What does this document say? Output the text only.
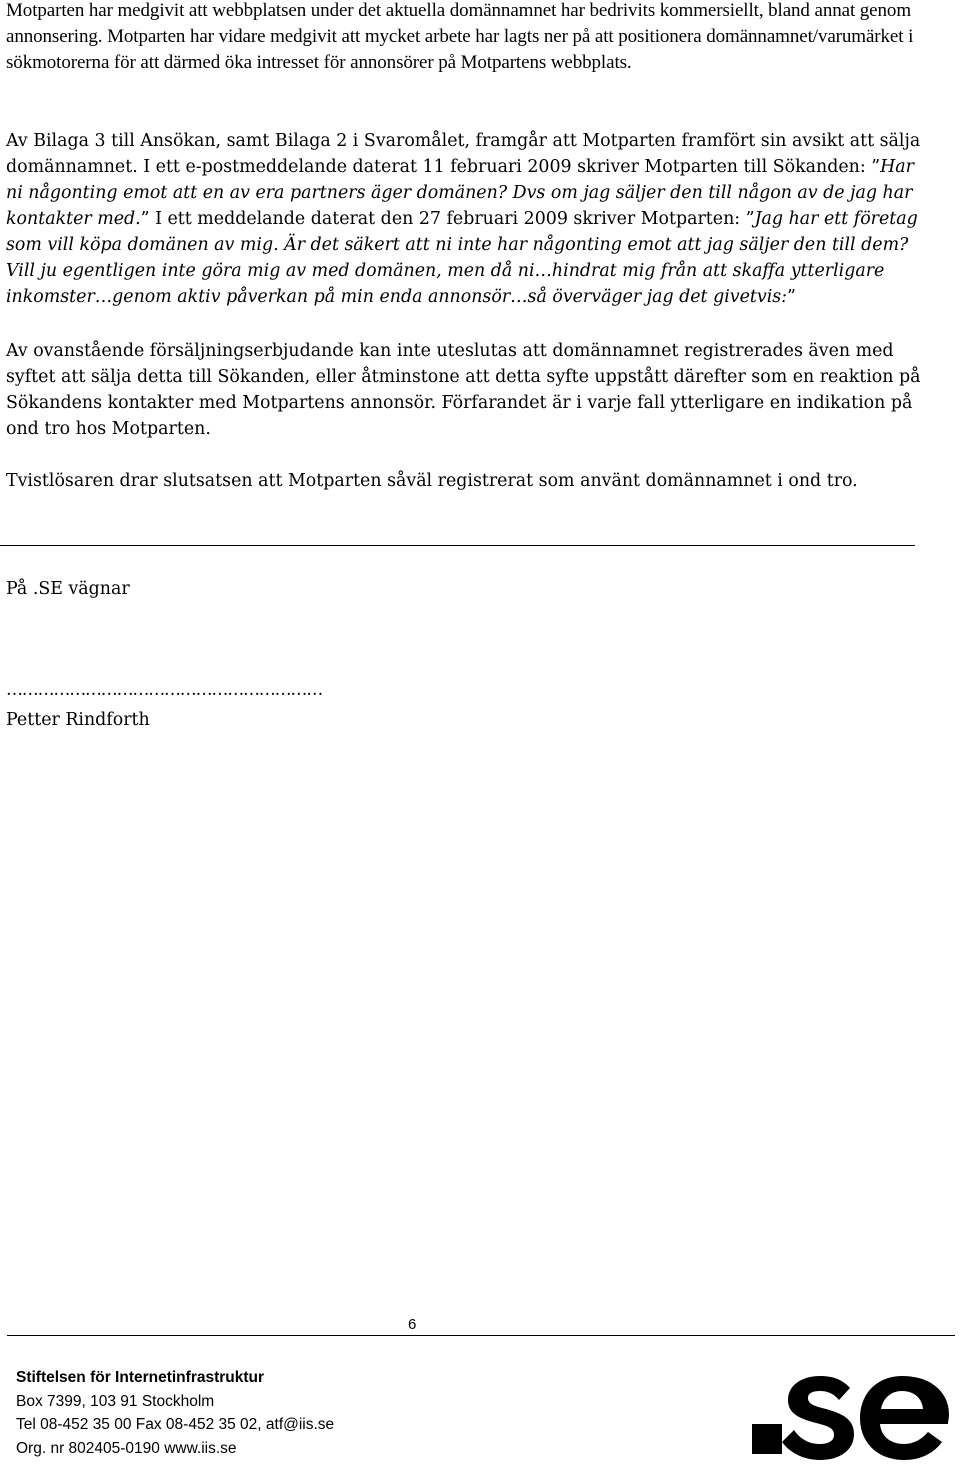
Motparten har medgivit att webbplatsen under det aktuella domännamnet har bedrivits kommersiellt, bland annat genom annonsering. Motparten har vidare medgivit att mycket arbete har lagts ner på att positionera domännamnet/varumärket i sökmotorerna för att därmed öka intresset för annonsörer på Motpartens webbplats.

Av Bilaga 3 till Ansökan, samt Bilaga 2 i Svaromålet, framgår att Motparten framfört sin avsikt att sälja domännamnet. I ett e-postmeddelande daterat 11 februari 2009 skriver Motparten till Sökanden: ”Har ni någonting emot att en av era partners äger domänen? Dvs om jag säljer den till någon av de jag har kontakter med.” I ett meddelande daterat den 27 februari 2009 skriver Motparten: ”Jag har ett företag som vill köpa domänen av mig. Är det säkert att ni inte har någonting emot att jag säljer den till dem? Vill ju egentligen inte göra mig av med domänen, men då ni…hindrat mig från att skaffa ytterligare inkomster…genom aktiv påverkan på min enda annonsör…så överväger jag det givetvis:”

Av ovanstående försäljningserbjudande kan inte uteslutas att domännamnet registrerades även med syftet att sälja detta till Sökanden, eller åtminstone att detta syfte uppstått därefter som en reaktion på Sökandens kontakter med Motpartens annonsör. Förfarandet är i varje fall ytterligare en indikation på ond tro hos Motparten.

Tvistlösaren drar slutsatsen att Motparten såväl registrerat som använt domännamnet i ond tro.

På .SE vägnar
……………………………………………………
Petter Rindforth
6
Stiftelsen för Internetinfrastruktur
Box 7399, 103 91 Stockholm
Tel 08-452 35 00 Fax 08-452 35 02, atf@iis.se
Org. nr 802405-0190 www.iis.se
